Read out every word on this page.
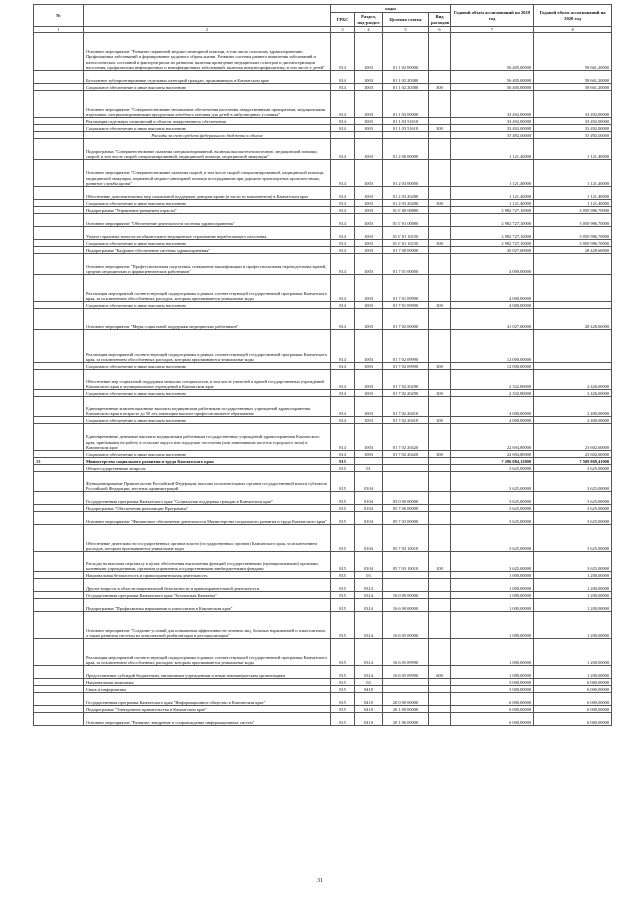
№		коды				Годовой объем ассигнований на 2019 год	Годовой объем ассигнований на 2020 год
		ГРБС	Раздел, под-раздел	Целевая статья	Вид расходов		
1	2	3	4	5	6	7	8
	Основное мероприятие "Развитие первичной медико-санитарной помощи, в том числе сельскому здравоохранению. Профилактика заболеваний и формирование здорового образа жизни. Развитие системы раннего выявления заболеваний и патологических состояний и факторов риска их развития, включая проведение медицинских осмотров и диспансеризации населения, профилактика инфекционных и неинфекционных заболеваний, включая иммунопрофилактику, в том числе у детей"	814	1003	01 1 02 00000		56 405,00000	58 661,20000
	Бесплатное зубопротезирование отдельных категорий граждан, проживающих в Камчатском крае	814	1003	01 1 02 20380		56 405,00000	58 661,20000
	Социальное обеспечение и иные выплаты населению	814	1003	01 1 02 20380	300	56 405,00000	58 661,20000
	Основное мероприятие "Совершенствование механизмов обеспечения населения лекарственными препаратами, медицинскими изделиями, специализированными продуктами лечебного питания для детей в амбулаторных условиях"	814	1003	01 1 03 00000		33 492,00000	33 492,00000
	Реализация отдельных полномочий в области лекарственного обеспечения	814	1003	01 1 03 51610		33 492,00000	33 492,00000
	Социальное обеспечение и иные выплаты населению	814	1003	01 1 03 51610	300	33 492,00000	33 492,00000
	Расходы за счет средств федерального бюджета в объеме					33 492,00000	33 492,00000
	Подпрограмма "Совершенствование оказания специализированной, включая высокотехнологичную, медицинской помощи, скорой, в том числе скорой специализированной, медицинской помощи, медицинской эвакуации"	814	1003	01 2 00 00000		1 121,40000	1 121,40000
	Основное мероприятие "Совершенствование оказания скорой, в том числе скорой специализированной, медицинской помощи, медицинской эвакуации, первичной медико-санитарной помощи пострадавшим при дорожно-транспортных происшествиях, развитие службы крови"	814	1003	01 2 03 00000		1 121,40000	1 121,40000
	Обеспечение дополнительных мер социальной поддержки донорам крови (в части ее компонентов) в Камчатском крае	814	1003	01 2 03 20280		1 121,40000	1 121,40000
	Социальное обеспечение и иные выплаты населению	814	1003	01 2 03 20280	300	1 121,40000	1 121,40000
	Подпрограмма "Управление развитием отрасли"	814	1003	01 Г 00 00000		2 982 727,10000	3 050 986,70000
	Основное мероприятие "Обеспечение деятельности системы здравоохранения"	814	1003	01 Г 01 00000		2 982 727,10000	3 050 986,70000
	Уплата страховых взносов на обязательное медицинское страхование неработающего населения	814	1003	01 Г 01 10150		2 982 727,10000	3 050 986,70000
	Социальное обеспечение и иные выплаты населению	814	1003	01 Г 01 10150	300	2 982 727,10000	3 050 986,70000
	Подпрограмма "Кадровое обеспечение системы здравоохранения"	814	1003	01 7 00 00000		45 027,60000	28 428,60000
	Основное мероприятие "Профессиональная подготовка, повышение квалификации и профессиональная переподготовка врачей, средних медицинских и фармацевтических работников"	814	1003	01 7 01 00000		4 000,00000	
	Реализация мероприятий соответствующей подпрограммы в рамках соответствующей государственной программы Камчатского края, за исключением обособленных расходов, которым присваиваются уникальные коды	814	1003	01 7 01 09990		4 000,00000	
	Социальное обеспечение и иные выплаты населению	814	1003	01 7 01 09990	300	4 000,00000	
	Основное мероприятие "Меры социальной поддержки медицинских работников"	814	1003	01 7 02 00000		41 027,60000	28 428,60000
	Реализация мероприятий соответствующей подпрограммы в рамках соответствующей государственной программы Камчатского края, за исключением обособленных расходов, которым присваиваются уникальные коды	814	1003	01 7 02 09990		12 000,00000	
	Социальное обеспечение и иные выплаты населению	814	1003	01 7 02 09990	300	12 000,00000	
	Обеспечение мер социальной поддержки меньших специалистов, в том числе учителей и врачей государственных учреждений Камчатского края и муниципальных учреждений в Камчатском крае	814	1003	01 7 02 20290		2 332,80000	2 426,00000
	Социальное обеспечение и иные выплаты населению	814	1003	01 7 02 20290	300	2 332,80000	2 426,00000
	Единовременные компенсационные выплаты медицинским работникам государственных учреждений здравоохранения Камчатского края в возрасте до 50 лет, имеющим высшее профессиональное образование	814	1003	01 7 02 20410		4 000,00000	2 400,00000
	Социальное обеспечение и иные выплаты населению	814	1003	01 7 02 20410	300	4 000,00000	2 400,00000
	Единовременные денежные выплаты медицинским работникам государственных учреждений здравоохранения Камчатского края, прибывшим на работу в сельские округа или городские поселения (или изменившим поселок городского типа) в Камчатском крае	814	1003	01 7 02 20420		22 694,80000	23 602,60000
	Социальное обеспечение и иные выплаты населению	814	1003	01 7 02 20420	300	22 694,80000	23 602,60000
13	Министерство социального развития и труда Камчатского края	815				7 296 084,12000	7 509 869,41000
	Общегосударственные вопросы	815	01			3 625,00000	3 625,00000
	Функционирование Правительства Российской Федерации, высших исполнительных органов государственной власти субъектов Российской Федерации, местных администраций	815	0104			3 625,00000	3 625,00000
	Государственная программа Камчатского края "Социальная поддержка граждан в Камчатском крае"	815	0104	05 0 00 00000		3 625,00000	3 625,00000
	Подпрограмма "Обеспечение реализации Программы"	815	0104	05 7 00 00000		3 625,00000	3 625,00000
	Основное мероприятие "Финансовое обеспечение деятельности Министерства социального развития и труда Камчатского края"	815	0104	05 7 03 00000		3 625,00000	3 625,00000
	Обеспечение деятельности государственных органов власти (государственных органов) Камчатского края, за исключением расходов, которым присваиваются уникальные коды	815	0104	05 7 03 10010		3 625,00000	3 625,00000
	Расходы на выплаты персоналу в целях обеспечения выполнения функций государственными (муниципальными) органами, казенными учреждениями, органами управления государственными внебюджетными фондами	815	0104	05 7 03 10010	100	3 625,00000	3 625,00000
	Национальная безопасность и правоохранительная деятельность	815	03			1 000,00000	1 200,00000
	Другие вопросы в области национальной безопасности и правоохранительной деятельности	815	0314			1 000,00000	1 200,00000
	Государственная программа Камчатского края "Безопасная Камчатка"	815	0314	16 0 00 00000		1 000,00000	1 200,00000
	Подпрограмма "Профилактика наркомании и алкоголизма в Камчатском крае"	815	0314	16 6 00 00000		1 000,00000	1 200,00000
	Основное мероприятие "Создание условий для повышения эффективности лечения лиц, больных наркоманией и алкоголизмом, а также развития системы их комплексной реабилитации и ресоциализации"	815	0314	16 6 05 00000		1 000,00000	1 200,00000
	Реализация мероприятий соответствующей подпрограммы в рамках соответствующей государственной программы Камчатского края, за исключением обособленных расходов, которым присваиваются уникальные коды	815	0314	16 6 05 09990		1 000,00000	1 200,00000
	Предоставление субсидий бюджетным, автономным учреждениям и иным некоммерческим организациям	815	0314	16 6 05 09990	600	1 000,00000	1 200,00000
	Национальная экономика	815	04			3 000,00000	6 000,00000
	Связь и информатика	815	0410			3 000,00000	6 000,00000
	Государственная программа Камчатского края "Информационное общество в Камчатском крае"	815	0410	20 0 00 00000		6 000,00000	6 000,00000
	Подпрограмма "Электронное правительство в Камчатском крае"	815	0410	20 1 00 00000		6 000,00000	6 000,00000
	Основное мероприятие "Развитие, внедрение и сопровождение информационных систем"	815	0410	20 1 06 00000		6 000,00000	6 000,00000
31
